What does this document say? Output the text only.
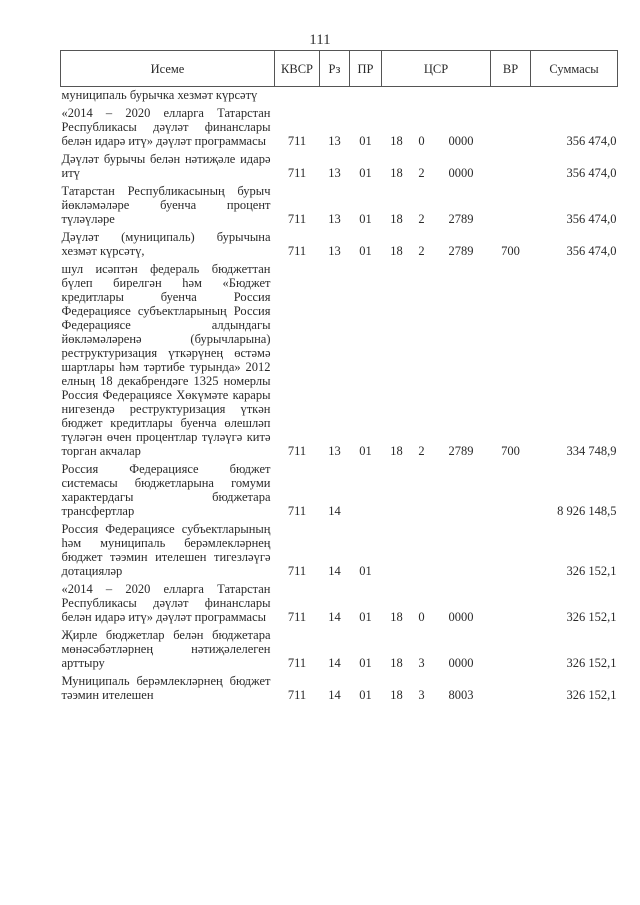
111
Исеме	КВСР	Рз	ПР	ЦСР			ВР	Суммасы
муниципаль бурычка хезмәт күрсәтү								
«2014 – 2020 елларга Татарстан Республикасы дәүләт финанслары белән идарә итү» дәүләт программасы	711	13	01	18	0	0000		356 474,0
Дәүләт бурычы белән нәтиҗәле идарә итү	711	13	01	18	2	0000		356 474,0
Татарстан Республикасының бурыч йөкләмәләре буенча процент түләүләре	711	13	01	18	2	2789		356 474,0
Дәүләт (муниципаль) бурычына хезмәт күрсәтү,	711	13	01	18	2	2789	700	356 474,0
шул исәптән федераль бюджеттан бүлеп бирелгән һәм «Бюджет кредитлары буенча Россия Федерациясе субъектларының Россия Федерациясе алдындагы йөкләмәләренә (бурычларына) реструктуризация үткәрүнең өстәмә шартлары һәм тәртибе турында» 2012 елның 18 декабрендәге 1325 номерлы Россия Федерациясе Хөкүмәте карары нигезендә реструктуризация үткән бюджет кредитлары буенча өлешләп түләгән өчен процентлар түләүгә китә торган акчалар	711	13	01	18	2	2789	700	334 748,9
Россия Федерациясе бюджет системасы бюджетларына гомуми характердагы бюджетара трансфертлар	711	14						8 926 148,5
Россия Федерациясе субъектларының һәм муниципаль берәмлекләрнең бюджет тәэмин ителешен тигезләүгә дотацияләр	711	14	01					326 152,1
«2014 – 2020 елларга Татарстан Республикасы дәүләт финанслары белән идарә итү» дәүләт программасы	711	14	01	18	0	0000		326 152,1
Җирле бюджетлар белән бюджетара мөнәсәбәтләрнең нәтиҗәлелеген арттыру	711	14	01	18	3	0000		326 152,1
Муниципаль берәмлекләрнең бюджет тәэмин ителешен	711	14	01	18	3	8003		326 152,1
